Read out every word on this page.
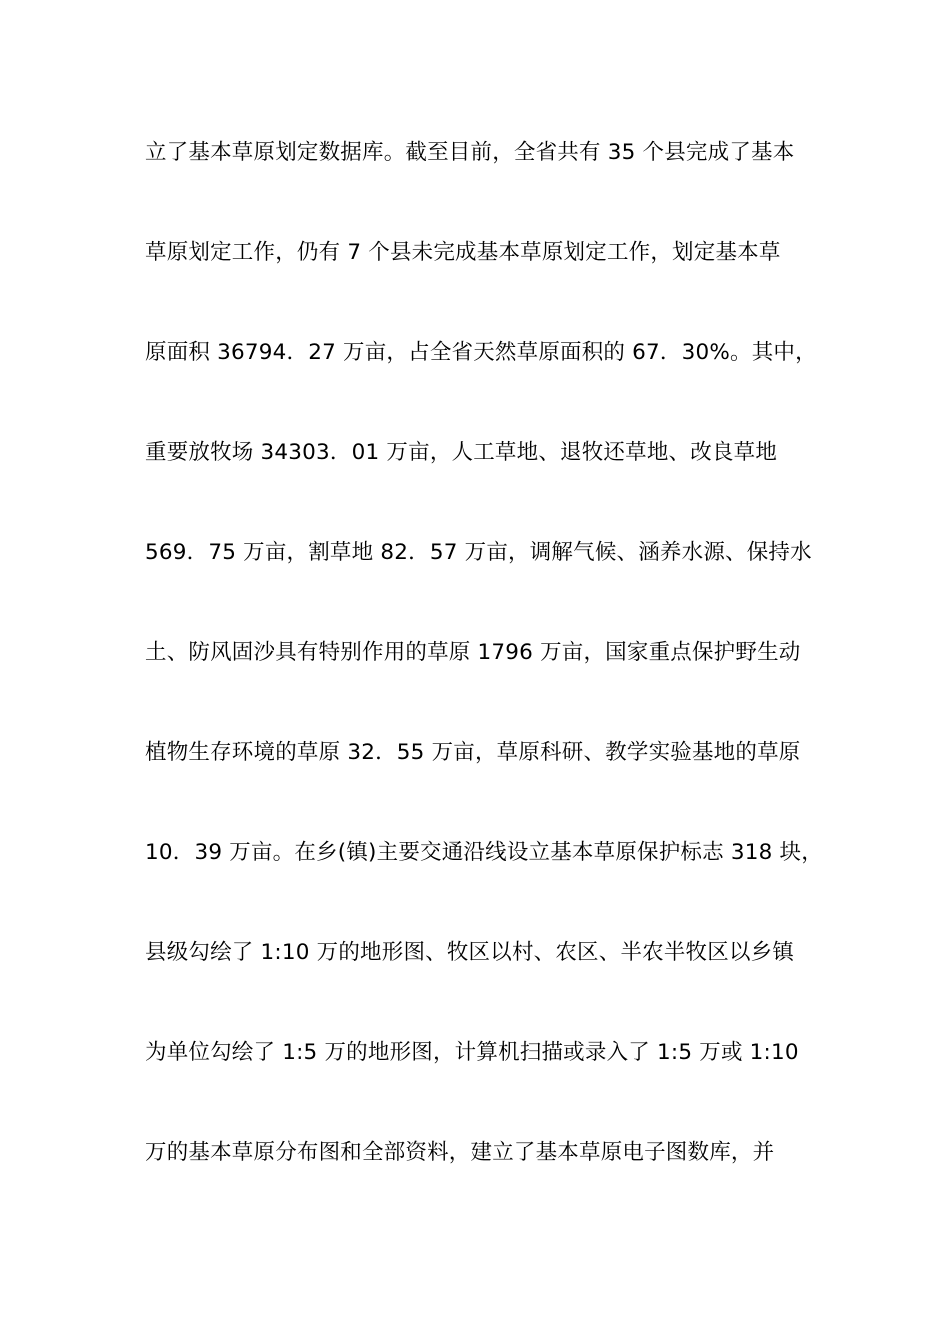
立了基本草原划定数据库。截至目前，全省共有 35 个县完成了基本
草原划定工作，仍有 7 个县未完成基本草原划定工作，划定基本草
原面积 36794．27 万亩，占全省天然草原面积的 67．30%。其中，
重要放牧场 34303．01 万亩，人工草地、退牧还草地、改良草地
569．75 万亩，割草地 82．57 万亩，调解气候、涵养水源、保持水
土、防风固沙具有特别作用的草原 1796 万亩，国家重点保护野生动
植物生存环境的草原 32．55 万亩，草原科研、教学实验基地的草原
10．39 万亩。在乡(镇)主要交通沿线设立基本草原保护标志 318 块，
县级勾绘了 1:10 万的地形图、牧区以村、农区、半农半牧区以乡镇
为单位勾绘了 1:5 万的地形图，计算机扫描或录入了 1:5 万或 1:10
万的基本草原分布图和全部资料，建立了基本草原电子图数库，并
